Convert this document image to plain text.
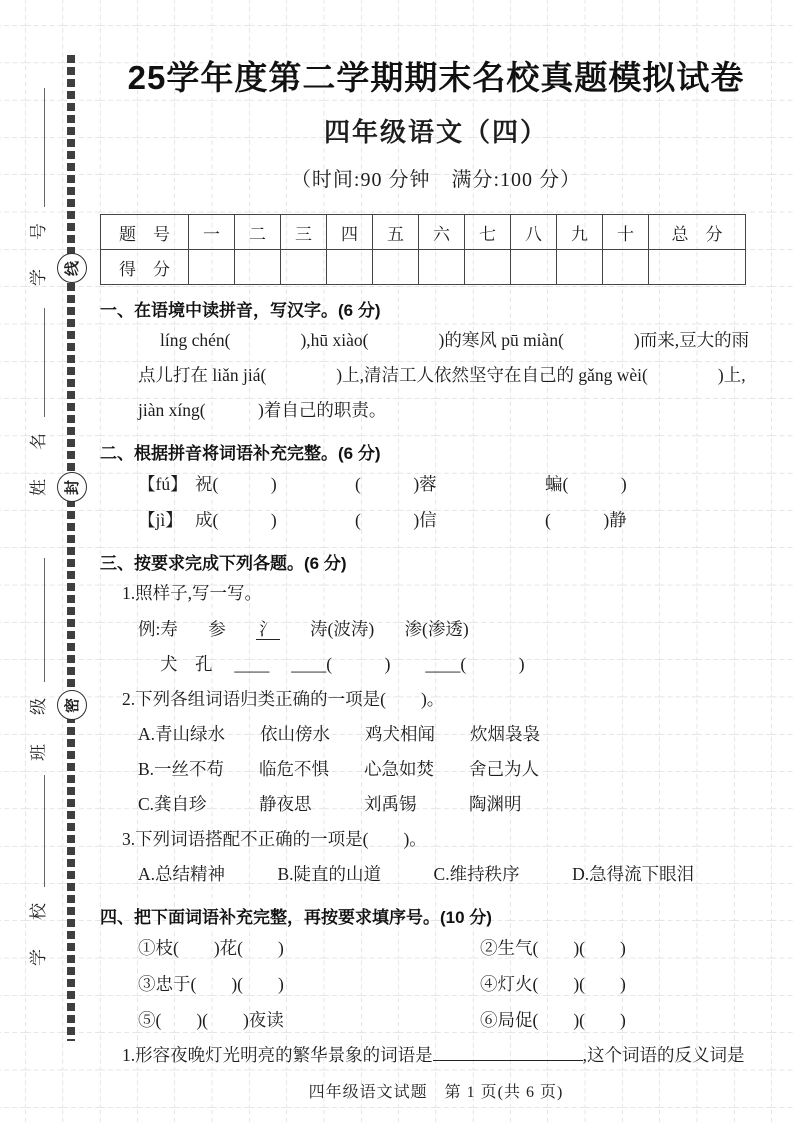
学　号
姓　名
班　级
学　校
线
封
密
25学年度第二学期期末名校真题模拟试卷
四年级语文（四）
（时间:90 分钟　满分:100 分）
题　号	一	二	三	四	五	六	七	八	九	十	总　分
得　分											
一、在语境中读拼音，写汉字。(6 分)
líng chén(　　　　),hū xiào(　　　　)的寒风 pū miàn(　　　　)而来,豆大的雨
点儿打在 liǎn jiá(　　　　)上,清洁工人依然坚守在自己的 gǎng wèi(　　　　)上,
jiàn xíng(　　　)着自己的职责。
二、根据拼音将词语补充完整。(6 分)
【fú】 祝(　　　)	(　　　)蓉	蝙(　　　)
【jì】 成(　　　)	(　　　)信	(　　　)静
三、按要求完成下列各题。(6 分)
1.照样子,写一写。
例:寿 参 氵 涛(波涛) 渗(渗透)
犬　孔　 ____ 　____(　　　)　　____(　　　)
2.下列各组词语归类正确的一项是(　　)。
A.青山绿水　　依山傍水　　鸡犬相闻　　炊烟袅袅
B.一丝不苟　　临危不惧　　心急如焚　　舍己为人
C.龚自珍　　　静夜思　　　刘禹锡　　　陶渊明
3.下列词语搭配不正确的一项是(　　)。
A.总结精神　　　B.陡直的山道　　　C.维持秩序　　　D.急得流下眼泪
四、把下面词语补充完整，再按要求填序号。(10 分)
①枝(　　)花(　　)	②生气(　　)(　　)
③忠于(　　)(　　)	④灯火(　　)(　　)
⑤(　　)(　　)夜读	⑥局促(　　)(　　)
1.形容夜晚灯光明亮的繁华景象的词语是	,这个词语的反义词是
四年级语文试题　第 1 页(共 6 页)
